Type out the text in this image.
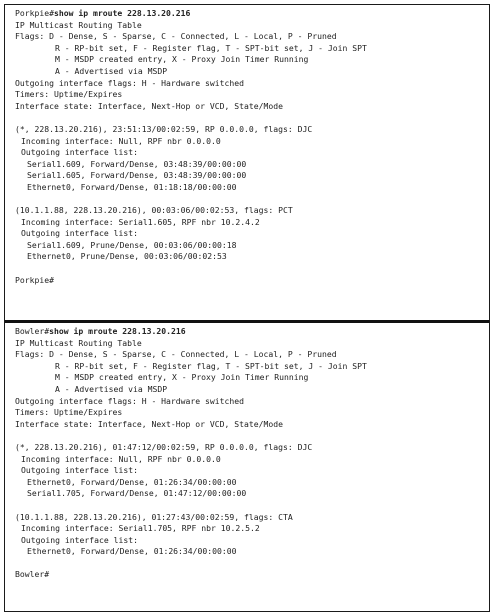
Porkpie#show ip mroute 228.13.20.216
IP Multicast Routing Table
Flags: D - Dense, S - Sparse, C - Connected, L - Local, P - Pruned
R - RP-bit set, F - Register flag, T - SPT-bit set, J - Join SPT
M - MSDP created entry, X - Proxy Join Timer Running
A - Advertised via MSDP
Outgoing interface flags: H - Hardware switched
Timers: Uptime/Expires
Interface state: Interface, Next-Hop or VCD, State/Mode
(*, 228.13.20.216), 23:51:13/00:02:59, RP 0.0.0.0, flags: DJC
Incoming interface: Null, RPF nbr 0.0.0.0
Outgoing interface list:
Serial1.609, Forward/Dense, 03:48:39/00:00:00
Serial1.605, Forward/Dense, 03:48:39/00:00:00
Ethernet0, Forward/Dense, 01:18:18/00:00:00
(10.1.1.88, 228.13.20.216), 00:03:06/00:02:53, flags: PCT
Incoming interface: Serial1.605, RPF nbr 10.2.4.2
Outgoing interface list:
Serial1.609, Prune/Dense, 00:03:06/00:00:18
Ethernet0, Prune/Dense, 00:03:06/00:02:53
Porkpie#
Bowler#show ip mroute 228.13.20.216
IP Multicast Routing Table
Flags: D - Dense, S - Sparse, C - Connected, L - Local, P - Pruned
R - RP-bit set, F - Register flag, T - SPT-bit set, J - Join SPT
M - MSDP created entry, X - Proxy Join Timer Running
A - Advertised via MSDP
Outgoing interface flags: H - Hardware switched
Timers: Uptime/Expires
Interface state: Interface, Next-Hop or VCD, State/Mode
(*, 228.13.20.216), 01:47:12/00:02:59, RP 0.0.0.0, flags: DJC
Incoming interface: Null, RPF nbr 0.0.0.0
Outgoing interface list:
Ethernet0, Forward/Dense, 01:26:34/00:00:00
Serial1.705, Forward/Dense, 01:47:12/00:00:00
(10.1.1.88, 228.13.20.216), 01:27:43/00:02:59, flags: CTA
Incoming interface: Serial1.705, RPF nbr 10.2.5.2
Outgoing interface list:
Ethernet0, Forward/Dense, 01:26:34/00:00:00
Bowler#
